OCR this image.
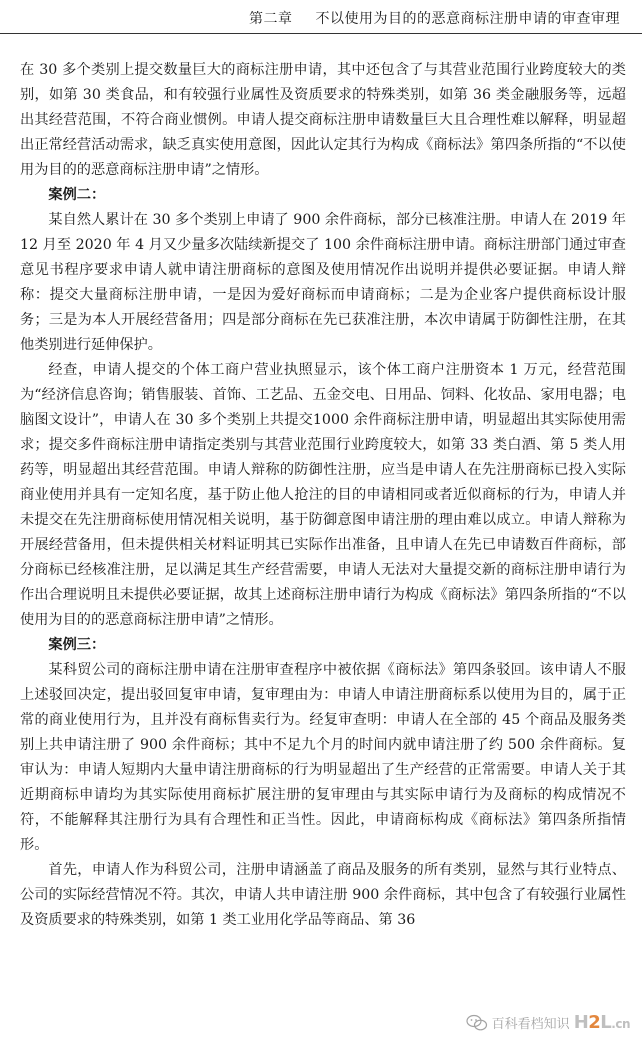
第二章 不以使用为目的的恶意商标注册申请的审查审理

在 30 多个类别上提交数量巨大的商标注册申请，其中还包含了与其营业范围行业跨度较大的类别，如第 30 类食品，和有较强行业属性及资质要求的特殊类别，如第 36 类金融服务等，远超出其经营范围，不符合商业惯例。申请人提交商标注册申请数量巨大且合理性难以解释，明显超出正常经营活动需求，缺乏真实使用意图，因此认定其行为构成《商标法》第四条所指的“不以使用为目的的恶意商标注册申请”之情形。

案例二：

某自然人累计在 30 多个类别上申请了 900 余件商标，部分已核准注册。申请人在 2019 年 12 月至 2020 年 4 月又少量多次陆续新提交了 100 余件商标注册申请。商标注册部门通过审查意见书程序要求申请人就申请注册商标的意图及使用情况作出说明并提供必要证据。申请人辩称：提交大量商标注册申请，一是因为爱好商标而申请商标；二是为企业客户提供商标设计服务；三是为本人开展经营备用；四是部分商标在先已获准注册，本次申请属于防御性注册，在其他类别进行延伸保护。

经查，申请人提交的个体工商户营业执照显示，该个体工商户注册资本 1 万元，经营范围为“经济信息咨询；销售服装、首饰、工艺品、五金交电、日用品、饲料、化妆品、家用电器；电脑图文设计”，申请人在 30 多个类别上共提交1000 余件商标注册申请，明显超出其实际使用需求；提交多件商标注册申请指定类别与其营业范围行业跨度较大，如第 33 类白酒、第 5 类人用药等，明显超出其经营范围。申请人辩称的防御性注册，应当是申请人在先注册商标已投入实际商业使用并具有一定知名度，基于防止他人抢注的目的申请相同或者近似商标的行为，申请人并未提交在先注册商标使用情况相关说明，基于防御意图申请注册的理由难以成立。申请人辩称为开展经营备用，但未提供相关材料证明其已实际作出准备，且申请人在先已申请数百件商标，部分商标已经核准注册，足以满足其生产经营需要，申请人无法对大量提交新的商标注册申请行为作出合理说明且未提供必要证据，故其上述商标注册申请行为构成《商标法》第四条所指的“不以使用为目的的恶意商标注册申请”之情形。

案例三：

某科贸公司的商标注册申请在注册审查程序中被依据《商标法》第四条驳回。该申请人不服上述驳回决定，提出驳回复审申请，复审理由为：申请人申请注册商标系以使用为目的，属于正常的商业使用行为，且并没有商标售卖行为。经复审查明：申请人在全部的 45 个商品及服务类别上共申请注册了 900 余件商标；其中不足九个月的时间内就申请注册了约 500 余件商标。复审认为：申请人短期内大量申请注册商标的行为明显超出了生产经营的正常需要。申请人关于其近期商标申请均为其实际使用商标扩展注册的复审理由与其实际申请行为及商标的构成情况不符，不能解释其注册行为具有合理性和正当性。因此，申请商标构成《商标法》第四条所指情形。

首先，申请人作为科贸公司，注册申请涵盖了商品及服务的所有类别，显然与其行业特点、公司的实际经营情况不符。其次，申请人共申请注册 900 余件商标，其中包含了有较强行业属性及资质要求的特殊类别，如第 1 类工业用化学品等商品、第 36

百科看档知识 H2L.cn
